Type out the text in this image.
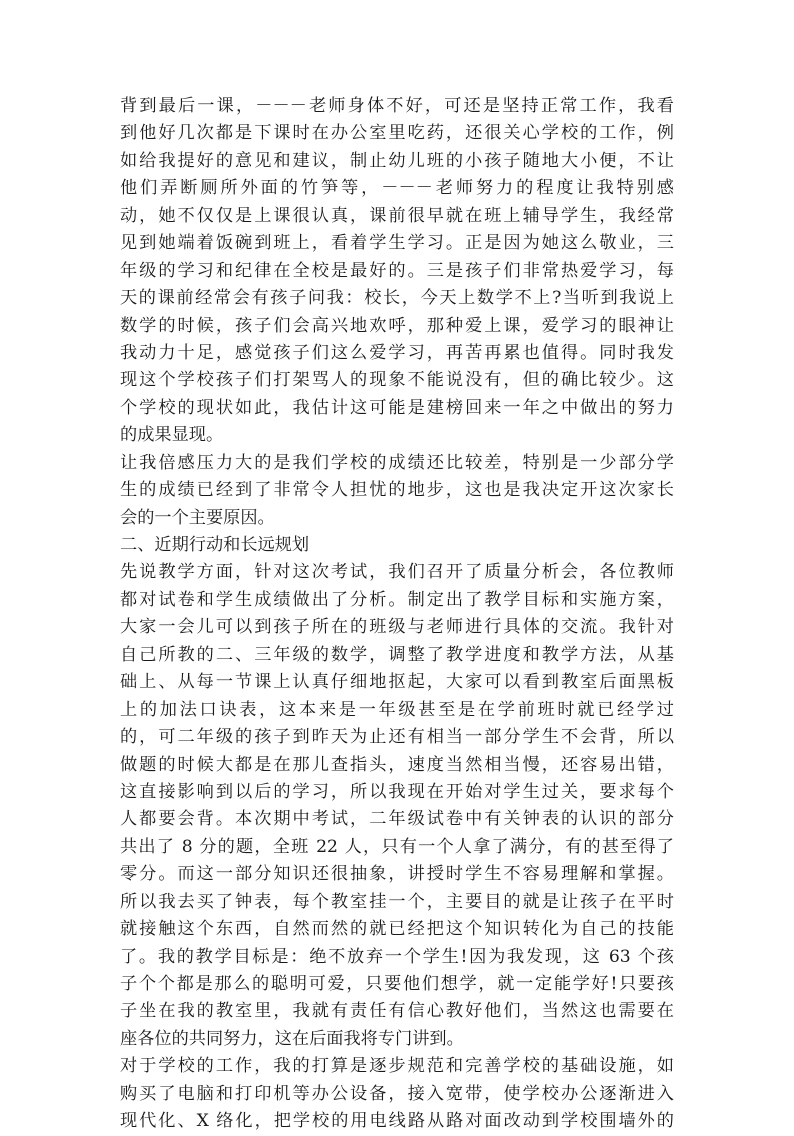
背到最后一课，－－－老师身体不好，可还是坚持正常工作，我看
到他好几次都是下课时在办公室里吃药，还很关心学校的工作，例
如给我提好的意见和建议，制止幼儿班的小孩子随地大小便，不让
他们弄断厕所外面的竹笋等，－－－老师努力的程度让我特别感
动，她不仅仅是上课很认真，课前很早就在班上辅导学生，我经常
见到她端着饭碗到班上，看着学生学习。正是因为她这么敬业，三
年级的学习和纪律在全校是最好的。三是孩子们非常热爱学习，每
天的课前经常会有孩子问我：校长，今天上数学不上?当听到我说上
数学的时候，孩子们会高兴地欢呼，那种爱上课，爱学习的眼神让
我动力十足，感觉孩子们这么爱学习，再苦再累也值得。同时我发
现这个学校孩子们打架骂人的现象不能说没有，但的确比较少。这
个学校的现状如此，我估计这可能是建榜回来一年之中做出的努力
的成果显现。
让我倍感压力大的是我们学校的成绩还比较差，特别是一少部分学
生的成绩已经到了非常令人担忧的地步，这也是我决定开这次家长
会的一个主要原因。
二、近期行动和长远规划
先说教学方面，针对这次考试，我们召开了质量分析会，各位教师
都对试卷和学生成绩做出了分析。制定出了教学目标和实施方案，
大家一会儿可以到孩子所在的班级与老师进行具体的交流。我针对
自己所教的二、三年级的数学，调整了教学进度和教学方法，从基
础上、从每一节课上认真仔细地抠起，大家可以看到教室后面黑板
上的加法口诀表，这本来是一年级甚至是在学前班时就已经学过
的，可二年级的孩子到昨天为止还有相当一部分学生不会背，所以
做题的时候大都是在那儿查指头，速度当然相当慢，还容易出错，
这直接影响到以后的学习，所以我现在开始对学生过关，要求每个
人都要会背。本次期中考试，二年级试卷中有关钟表的认识的部分
共出了 8 分的题，全班 22 人，只有一个人拿了满分，有的甚至得了
零分。而这一部分知识还很抽象，讲授时学生不容易理解和掌握。
所以我去买了钟表，每个教室挂一个，主要目的就是让孩子在平时
就接触这个东西，自然而然的就已经把这个知识转化为自己的技能
了。我的教学目标是：绝不放弃一个学生!因为我发现，这 63 个孩
子个个都是那么的聪明可爱，只要他们想学，就一定能学好!只要孩
子坐在我的教室里，我就有责任有信心教好他们，当然这也需要在
座各位的共同努力，这在后面我将专门讲到。
对于学校的工作，我的打算是逐步规范和完善学校的基础设施，如
购买了电脑和打印机等办公设备，接入宽带，使学校办公逐渐进入
现代化、X 络化，把学校的用电线路从路对面改动到学校围墙外的
